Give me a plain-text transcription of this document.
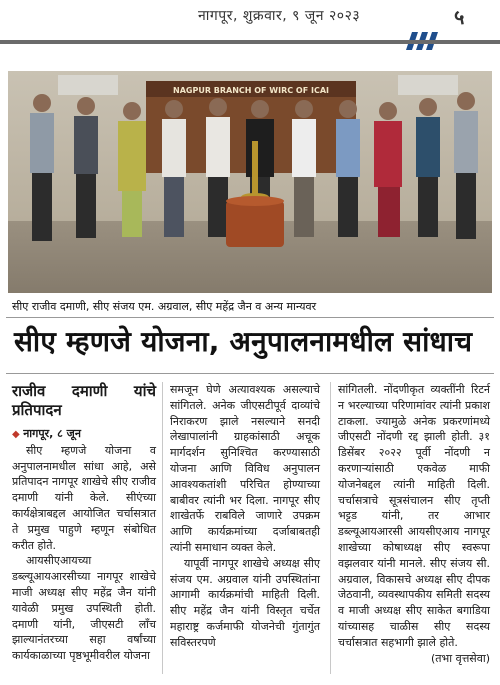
नागपूर, शुक्रवार, ९ जून २०२३	५
NAGPUR BRANCH OF WIRC OF ICAI
सीए राजीव दमाणी, सीए संजय एम. अग्रवाल, सीए महेंद्र जैन व अन्य मान्यवर
सीए म्हणजे योजना, अनुपालनामधील सांधाच
राजीव दमाणी यांचे प्रतिपादन
◆ नागपूर, ८ जून

सीए म्हणजे योजना व अनुपालनामधील सांधा आहे, असे प्रतिपादन नागपूर शाखेचे सीए राजीव दमाणी यांनी केले. सीएंच्या कार्यक्षेत्राबद्दल आयोजित चर्चासत्रात ते प्रमुख पाहुणे म्हणून संबोधित करीत होते.

आयसीएआयच्या डब्ल्यूआयआरसीच्या नागपूर शाखेचे माजी अध्यक्ष सीए महेंद्र जैन यांनी यावेळी प्रमुख उपस्थिती होती. दमाणी यांनी, जीएसटी लॉंच झाल्यानंतरच्या सहा वर्षांच्या कार्यकाळाच्या पृष्ठभूमीवरील योजना

समजून घेणे अत्यावश्यक असल्याचे सांगितले. अनेक जीएसटीपूर्व दाव्यांचे निराकरण झाले नसल्याने सनदी लेखापालांनी ग्राहकांसाठी अचूक मार्गदर्शन सुनिश्चित करण्यासाठी योजना आणि विविध अनुपालन आवश्यकतांशी परिचित होण्याच्या बाबीवर त्यांनी भर दिला. नागपूर सीए शाखेतर्फे राबविले जाणारे उपक्रम आणि कार्यक्रमांच्या दर्जाबाबतही त्यांनी समाधान व्यक्त केले.

यापूर्वी नागपूर शाखेचे अध्यक्ष सीए संजय एम. अग्रवाल यांनी उपस्थितांना आगामी कार्यक्रमांची माहिती दिली. सीए महेंद्र जैन यांनी विस्तृत चर्चेत महाराष्ट्र कर्जमाफी योजनेची गुंतागुंत सविस्तरपणे

सांगितली. नोंदणीकृत व्यक्तींनी रिटर्न न भरल्याच्या परिणामांवर त्यांनी प्रकाश टाकला. ज्यामुळे अनेक प्रकरणांमध्ये जीएसटी नोंदणी रद्द झाली होती. ३१ डिसेंबर २०२२ पूर्वी नोंदणी न करणाऱ्यांसाठी एकवेळ माफी योजनेबद्दल त्यांनी माहिती दिली. चर्चासत्राचे सूत्रसंचालन सीए तृप्ती भट्टड यांनी, तर आभार डब्ल्यूआयआरसी आयसीएआय नागपूर शाखेच्या कोषाध्यक्ष सीए स्वरूपा वझलवार यांनी मानले. सीए संजय सी. अग्रवाल, विकासचे अध्यक्ष सीए दीपक जेठवानी, व्यवस्थापकीय समिती सदस्य व माजी अध्यक्ष सीए साकेत बगाडिया यांच्यासह चाळीस सीए सदस्य चर्चासत्रात सहभागी झाले होते.

(तभा वृत्तसेवा)
